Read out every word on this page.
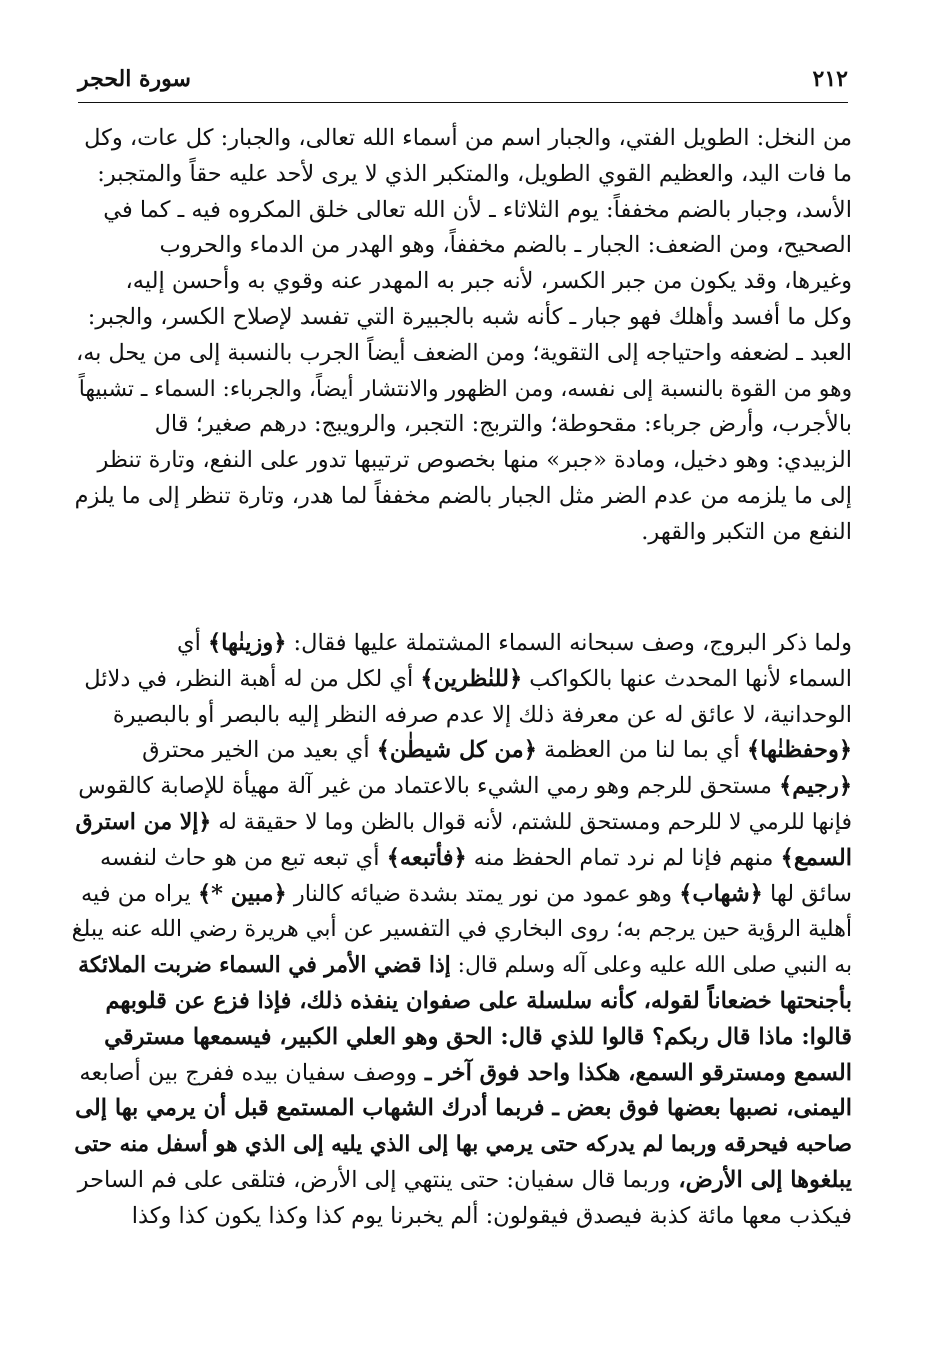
٢١٢
سورة الحجر
من النخل: الطويل الفتي، والجبار اسم من أسماء الله تعالى، والجبار: كل عات، وكل
ما فات اليد، والعظيم القوي الطويل، والمتكبر الذي لا يرى لأحد عليه حقاً والمتجبر:
الأسد، وجبار بالضم مخففاً: يوم الثلاثاء ـ لأن الله تعالى خلق المكروه فيه ـ كما في
الصحيح، ومن الضعف: الجبار ـ بالضم مخففاً، وهو الهدر من الدماء والحروب
وغيرها، وقد يكون من جبر الكسر، لأنه جبر به المهدر عنه وقوي به وأحسن إليه،
وكل ما أفسد وأهلك فهو جبار ـ كأنه شبه بالجبيرة التي تفسد لإصلاح الكسر، والجبر:
العبد ـ لضعفه واحتياجه إلى التقوية؛ ومن الضعف أيضاً الجرب بالنسبة إلى من يحل به،
وهو من القوة بالنسبة إلى نفسه، ومن الظهور والانتشار أيضاً، والجرباء: السماء ـ تشبيهاً
بالأجرب، وأرض جرباء: مقحوطة؛ والتربج: التجبر، والرويبج: درهم صغير؛ قال
الزبيدي: وهو دخيل، ومادة «جبر» منها بخصوص ترتيبها تدور على النفع، وتارة تنظر
إلى ما يلزمه من عدم الضر مثل الجبار بالضم مخففاً لما هدر، وتارة تنظر إلى ما يلزم
النفع من التكبر والقهر.
ولما ذكر البروج، وصف سبحانه السماء المشتملة عليها فقال: ﴿وزينٰها﴾ أي
السماء لأنها المحدث عنها بالكواكب ﴿للنٰظرين﴾ أي لكل من له أهبة النظر، في دلائل
الوحدانية، لا عائق له عن معرفة ذلك إلا عدم صرفه النظر إليه بالبصر أو بالبصيرة
﴿وحفظنٰها﴾ أي بما لنا من العظمة ﴿من كل شيطٰن﴾ أي بعيد من الخير محترق
﴿رجيم﴾ مستحق للرجم وهو رمي الشيء بالاعتماد من غير آلة مهيأة للإصابة كالقوس
فإنها للرمي لا للرحم ومستحق للشتم، لأنه قوال بالظن وما لا حقيقة له ﴿إلا من استرق
السمع﴾ منهم فإنا لم نرد تمام الحفظ منه ﴿فأتبعه﴾ أي تبعه تبع من هو حاث لنفسه
سائق لها ﴿شهاب﴾ وهو عمود من نور يمتد بشدة ضيائه كالنار ﴿مبين *﴾ يراه من فيه
أهلية الرؤية حين يرجم به؛ روى البخاري في التفسير عن أبي هريرة رضي الله عنه يبلغ
به النبي صلى الله عليه وعلى آله وسلم قال: إذا قضي الأمر في السماء ضربت الملائكة
بأجنحتها خضعاناً لقوله، كأنه سلسلة على صفوان ينفذه ذلك، فإذا فزع عن قلوبهم
قالوا: ماذا قال ربكم؟ قالوا للذي قال: الحق وهو العلي الكبير، فيسمعها مسترقي
السمع ومسترقو السمع، هكذا واحد فوق آخر ـ ووصف سفيان بيده ففرج بين أصابعه
اليمنى، نصبها بعضها فوق بعض ـ فربما أدرك الشهاب المستمع قبل أن يرمي بها إلى
صاحبه فيحرقه وربما لم يدركه حتى يرمي بها إلى الذي يليه إلى الذي هو أسفل منه حتى
يبلغوها إلى الأرض، وربما قال سفيان: حتى ينتهي إلى الأرض، فتلقى على فم الساحر
فيكذب معها مائة كذبة فيصدق فيقولون: ألم يخبرنا يوم كذا وكذا يكون كذا وكذا
